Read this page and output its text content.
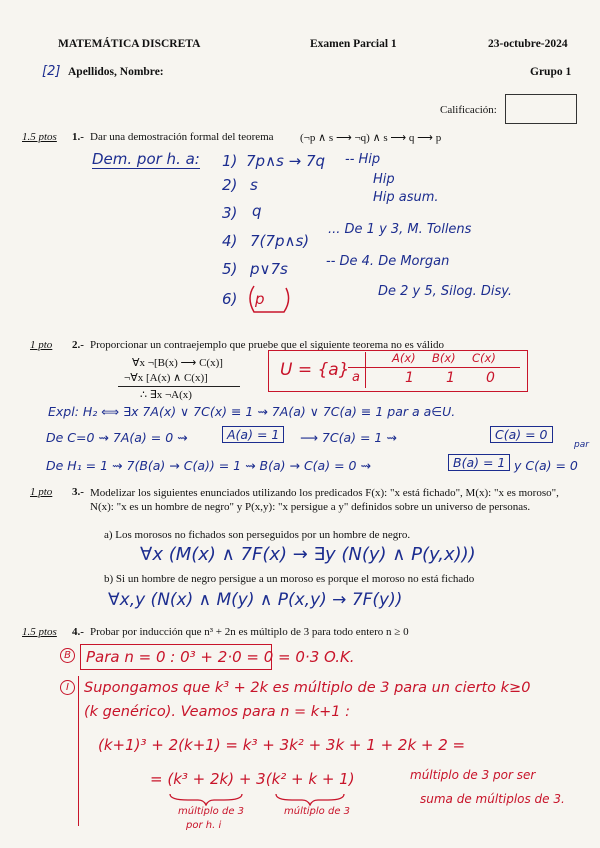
MATEMÁTICA DISCRETA	Examen Parcial 1	23-octubre-2024
[2] Apellidos, Nombre:	Grupo 1
Calificación:
1.5 ptos 1.- Dar una demostración formal del teorema (¬p ∧ s ⟶ ¬q) ∧ s ⟶ q ⟶ p
Dem. por h. a: 1) 7p∧s → 7q -- Hip
2) s	Hip
3) q
Hip asum.
4) 7(7p∧s)
... De 1 y 3, M. Tollens
5) p∨7s	-- De 4. De Morgan
6) p	De 2 y 5, Silog. Disy.
1 pto 2.- Proporcionar un contraejemplo que pruebe que el siguiente teorema no es válido
∀x ¬[B(x) ⟶ C(x)]
¬∀x [A(x) ∧ C(x)]
∴ ∃x ¬A(x)
U = {a}
A(x) B(x) C(x)
a	1 1 0
Expl: H₂ ⟺ ∃x 7A(x) ∨ 7C(x) ≡ 1 ⇝ 7A(a) ∨ 7C(a) ≡ 1 par a a∈U.
De C=0 ⇝ 7A(a) = 0 ⇝	A(a) = 1	⟶ 7C(a) = 1 ⇝	C(a) = 0
De H₁ = 1 ⇝ 7(B(a) → C(a)) = 1 ⇝ B(a) → C(a) = 0 ⇝	B(a) = 1 y C(a) = 0
par
1 pto 3.- Modelizar los siguientes enunciados utilizando los predicados F(x): "x está fichado", M(x): "x es moroso", N(x): "x es un hombre de negro" y P(x,y): "x persigue a y" definidos sobre un universo de personas.
a) Los morosos no fichados son perseguidos por un hombre de negro.
∀x (M(x) ∧ 7F(x) → ∃y (N(y) ∧ P(y,x)))
b) Si un hombre de negro persigue a un moroso es porque el moroso no está fichado
∀x,y (N(x) ∧ M(y) ∧ P(x,y) → 7F(y))
1.5 ptos 4.- Probar por inducción que n³ + 2n es múltiplo de 3 para todo entero n ≥ 0
B Para n = 0 : 0³ + 2·0 = 0 = 0·3 O.K.
I	Supongamos que k³ + 2k es múltiplo de 3 para un cierto k≥0
(k genérico). Veamos para n = k+1 :
(k+1)³ + 2(k+1) = k³ + 3k² + 3k + 1 + 2k + 2 =
= (k³ + 2k) + 3(k² + k + 1)	múltiplo de 3 por ser
suma de múltiplos de 3.
múltiplo de 3
por h. i
múltiplo de 3
